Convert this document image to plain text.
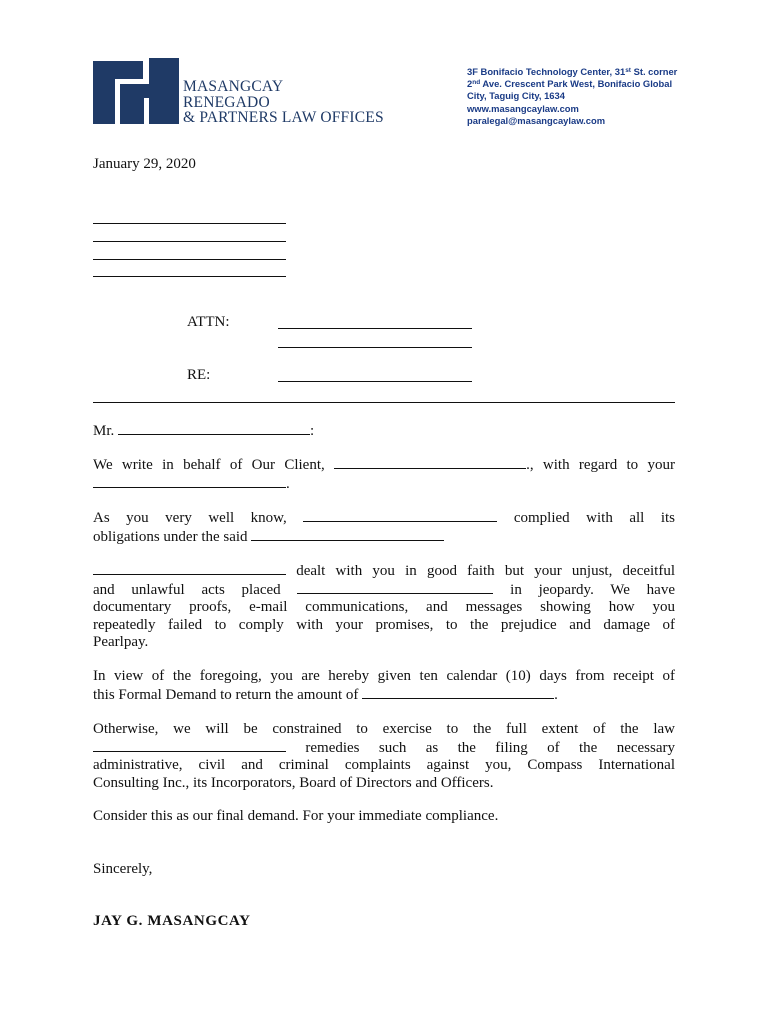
MASANGCAY
RENEGADO
& PARTNERS LAW OFFICES
3F Bonifacio Technology Center, 31st St. corner
2nd Ave. Crescent Park West, Bonifacio Global
City, Taguig City, 1634
www.masangcaylaw.com
paralegal@masangcaylaw.com
January 29, 2020
ATTN:
RE:
Mr.	:
We write in behalf of Our Client,	., with regard to your
.
As you very well know,	complied with all its
obligations under the said
dealt with you in good faith but your unjust, deceitful
and unlawful acts placed	in jeopardy. We have
documentary proofs, e-mail communications, and messages showing how you
repeatedly failed to comply with your promises, to the prejudice and damage of
Pearlpay.
In view of the foregoing, you are hereby given ten calendar (10) days from receipt of
this Formal Demand to return the amount of	.
Otherwise, we will be constrained to exercise to the full extent of the law
remedies such as the filing of the necessary
administrative, civil and criminal complaints against you, Compass International
Consulting Inc., its Incorporators, Board of Directors and Officers.
Consider this as our final demand. For your immediate compliance.
Sincerely,
JAY G. MASANGCAY
